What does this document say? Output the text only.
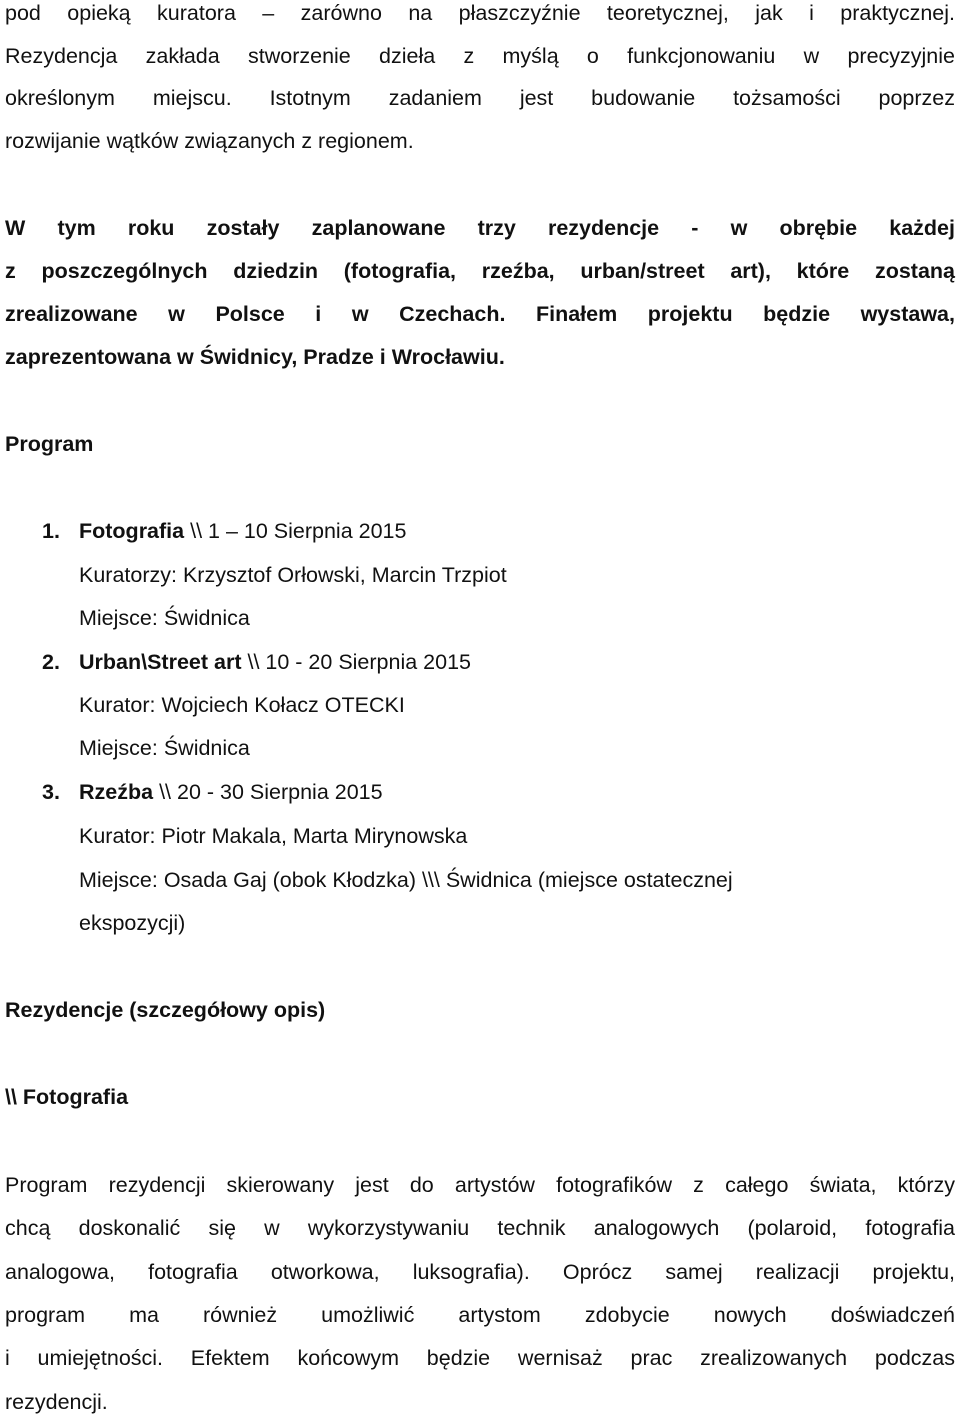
pod opieką kuratora – zarówno na płaszczyźnie teoretycznej, jak i praktycznej.
Rezydencja zakłada stworzenie dzieła z myślą o funkcjonowaniu w precyzyjnie
określonym miejscu. Istotnym zadaniem jest budowanie tożsamości poprzez
rozwijanie wątków związanych z regionem.
W tym roku zostały zaplanowane trzy rezydencje - w obrębie każdej
z poszczególnych dziedzin (fotografia, rzeźba, urban/street art), które zostaną
zrealizowane w Polsce i w Czechach. Finałem projektu będzie wystawa,
zaprezentowana w Świdnicy, Pradze i Wrocławiu.
Program
1. Fotografia \\ 1 – 10 Sierpnia 2015
Kuratorzy: Krzysztof Orłowski, Marcin Trzpiot
Miejsce: Świdnica
2. Urban\Street art \\ 10 - 20 Sierpnia 2015
Kurator: Wojciech Kołacz OTECKI
Miejsce: Świdnica
3. Rzeźba \\ 20 - 30 Sierpnia 2015
Kurator: Piotr Makala, Marta Mirynowska
Miejsce: Osada Gaj (obok Kłodzka) \\\ Świdnica (miejsce ostatecznej
ekspozycji)
Rezydencje (szczegółowy opis)
\\ Fotografia
Program rezydencji skierowany jest do artystów fotografików z całego świata, którzy
chcą doskonalić się w wykorzystywaniu technik analogowych (polaroid, fotografia
analogowa, fotografia otworkowa, luksografia). Oprócz samej realizacji projektu,
program ma również umożliwić artystom zdobycie nowych doświadczeń
i umiejętności. Efektem końcowym będzie wernisaż prac zrealizowanych podczas
rezydencji.
